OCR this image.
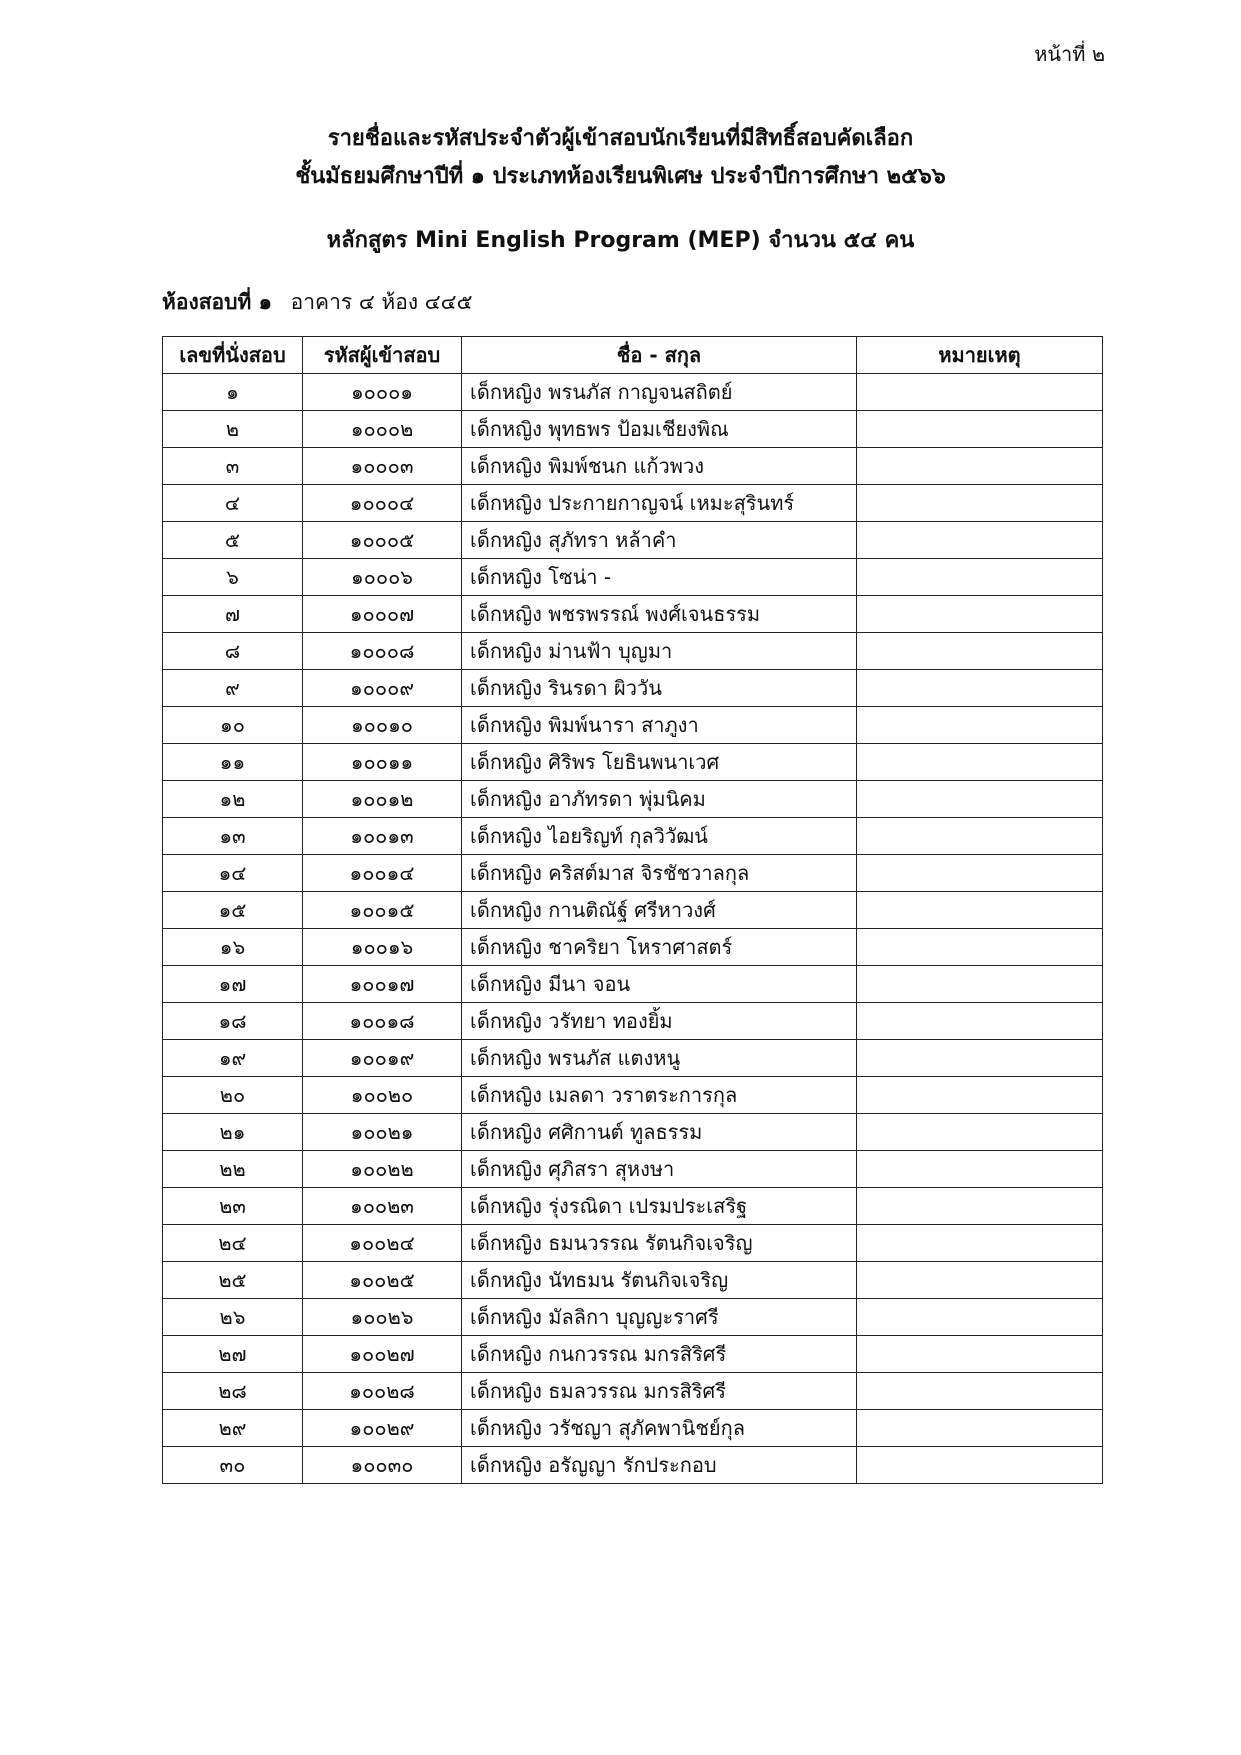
หน้าที่ ๒
รายชื่อและรหัสประจำตัวผู้เข้าสอบนักเรียนที่มีสิทธิ์สอบคัดเลือก
ชั้นมัธยมศึกษาปีที่ ๑ ประเภทห้องเรียนพิเศษ ประจำปีการศึกษา ๒๕๖๖
หลักสูตร Mini English Program (MEP) จำนวน ๕๔ คน
ห้องสอบที่ ๑ อาคาร ๔ ห้อง ๔๔๕
เลขที่นั่งสอบ	รหัสผู้เข้าสอบ	ชื่อ - สกุล	หมายเหตุ
๑	๑๐๐๐๑	เด็กหญิง พรนภัส กาญจนสถิตย์	
๒	๑๐๐๐๒	เด็กหญิง พุทธพร ป้อมเชียงพิณ	
๓	๑๐๐๐๓	เด็กหญิง พิมพ์ชนก แก้วพวง	
๔	๑๐๐๐๔	เด็กหญิง ประกายกาญจน์ เหมะสุรินทร์	
๕	๑๐๐๐๕	เด็กหญิง สุภัทรา หล้าคำ	
๖	๑๐๐๐๖	เด็กหญิง โซน่า -	
๗	๑๐๐๐๗	เด็กหญิง พชรพรรณ์ พงศ์เจนธรรม	
๘	๑๐๐๐๘	เด็กหญิง ม่านฟ้า บุญมา	
๙	๑๐๐๐๙	เด็กหญิง รินรดา ผิววัน	
๑๐	๑๐๐๑๐	เด็กหญิง พิมพ์นารา สาภูงา	
๑๑	๑๐๐๑๑	เด็กหญิง ศิริพร โยธินพนาเวศ	
๑๒	๑๐๐๑๒	เด็กหญิง อาภัทรดา พุ่มนิคม	
๑๓	๑๐๐๑๓	เด็กหญิง ไอยริญท์ กุลวิวัฒน์	
๑๔	๑๐๐๑๔	เด็กหญิง คริสต์มาส จิรชัชวาลกุล	
๑๕	๑๐๐๑๕	เด็กหญิง กานติณัฐ์ ศรีหาวงศ์	
๑๖	๑๐๐๑๖	เด็กหญิง ชาคริยา โหราศาสตร์	
๑๗	๑๐๐๑๗	เด็กหญิง มีนา จอน	
๑๘	๑๐๐๑๘	เด็กหญิง วรัทยา ทองยิ้ม	
๑๙	๑๐๐๑๙	เด็กหญิง พรนภัส แตงหนู	
๒๐	๑๐๐๒๐	เด็กหญิง เมลดา วราตระการกุล	
๒๑	๑๐๐๒๑	เด็กหญิง ศศิกานต์ ทูลธรรม	
๒๒	๑๐๐๒๒	เด็กหญิง ศุภิสรา สุหงษา	
๒๓	๑๐๐๒๓	เด็กหญิง รุ่งรณิดา เปรมประเสริฐ	
๒๔	๑๐๐๒๔	เด็กหญิง ธมนวรรณ รัตนกิจเจริญ	
๒๕	๑๐๐๒๕	เด็กหญิง นัทธมน รัตนกิจเจริญ	
๒๖	๑๐๐๒๖	เด็กหญิง มัลลิกา บุญญะราศรี	
๒๗	๑๐๐๒๗	เด็กหญิง กนกวรรณ มกรสิริศรี	
๒๘	๑๐๐๒๘	เด็กหญิง ธมลวรรณ มกรสิริศรี	
๒๙	๑๐๐๒๙	เด็กหญิง วรัชญา สุภัคพานิชย์กุล	
๓๐	๑๐๐๓๐	เด็กหญิง อรัญญา รักประกอบ	
